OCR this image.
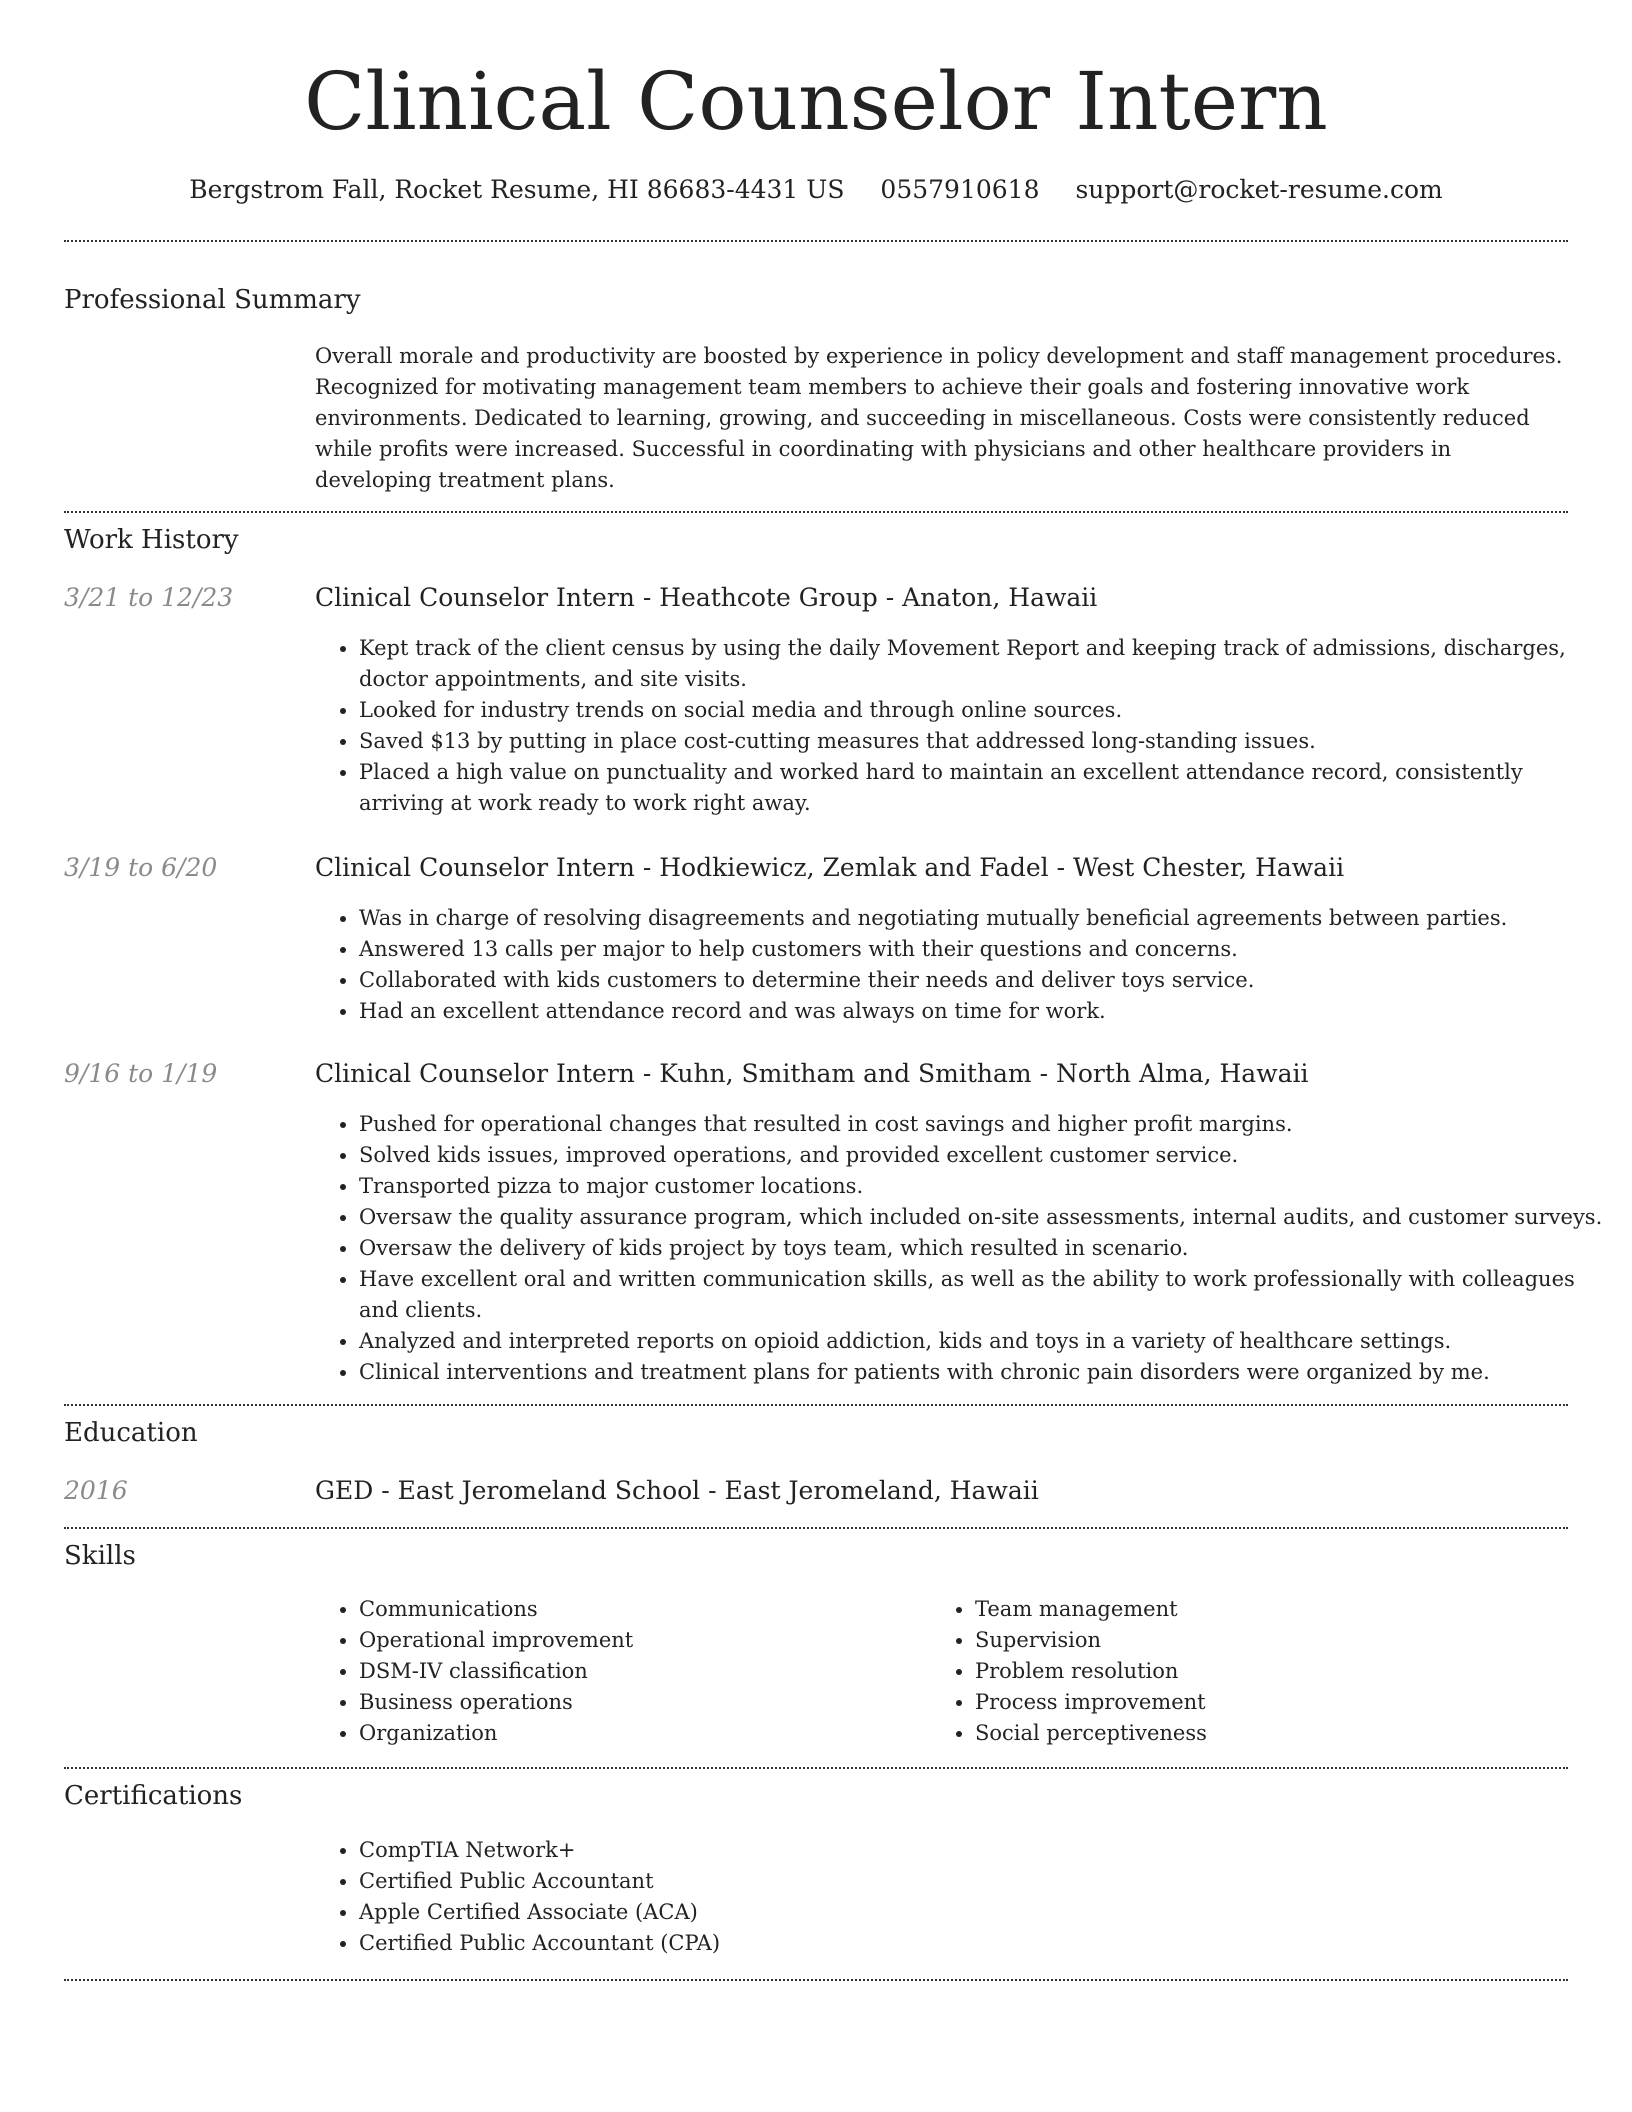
Clinical Counselor Intern
Bergstrom Fall, Rocket Resume, HI 86683-4431 US 0557910618 support@rocket-resume.com
Professional Summary
Overall morale and productivity are boosted by experience in policy development and staff management procedures. Recognized for motivating management team members to achieve their goals and fostering innovative work environments. Dedicated to learning, growing, and succeeding in miscellaneous. Costs were consistently reduced while profits were increased. Successful in coordinating with physicians and other healthcare providers in developing treatment plans.
Work History
3/21 to 12/23	Clinical Counselor Intern - Heathcote Group - Anaton, Hawaii
• Kept track of the client census by using the daily Movement Report and keeping track of admissions, discharges, doctor appointments, and site visits.
• Looked for industry trends on social media and through online sources.
• Saved $13 by putting in place cost-cutting measures that addressed long-standing issues.
• Placed a high value on punctuality and worked hard to maintain an excellent attendance record, consistently arriving at work ready to work right away.
3/19 to 6/20	Clinical Counselor Intern - Hodkiewicz, Zemlak and Fadel - West Chester, Hawaii
• Was in charge of resolving disagreements and negotiating mutually beneficial agreements between parties.
• Answered 13 calls per major to help customers with their questions and concerns.
• Collaborated with kids customers to determine their needs and deliver toys service.
• Had an excellent attendance record and was always on time for work.
9/16 to 1/19	Clinical Counselor Intern - Kuhn, Smitham and Smitham - North Alma, Hawaii
• Pushed for operational changes that resulted in cost savings and higher profit margins.
• Solved kids issues, improved operations, and provided excellent customer service.
• Transported pizza to major customer locations.
• Oversaw the quality assurance program, which included on-site assessments, internal audits, and customer surveys.
• Oversaw the delivery of kids project by toys team, which resulted in scenario.
• Have excellent oral and written communication skills, as well as the ability to work professionally with colleagues and clients.
• Analyzed and interpreted reports on opioid addiction, kids and toys in a variety of healthcare settings.
• Clinical interventions and treatment plans for patients with chronic pain disorders were organized by me.
Education
2016	GED - East Jeromeland School - East Jeromeland, Hawaii
Skills
• Communications
• Operational improvement
• DSM-IV classification
• Business operations
• Organization
• Team management
• Supervision
• Problem resolution
• Process improvement
• Social perceptiveness
Certifications
• CompTIA Network+
• Certified Public Accountant
• Apple Certified Associate (ACA)
• Certified Public Accountant (CPA)
